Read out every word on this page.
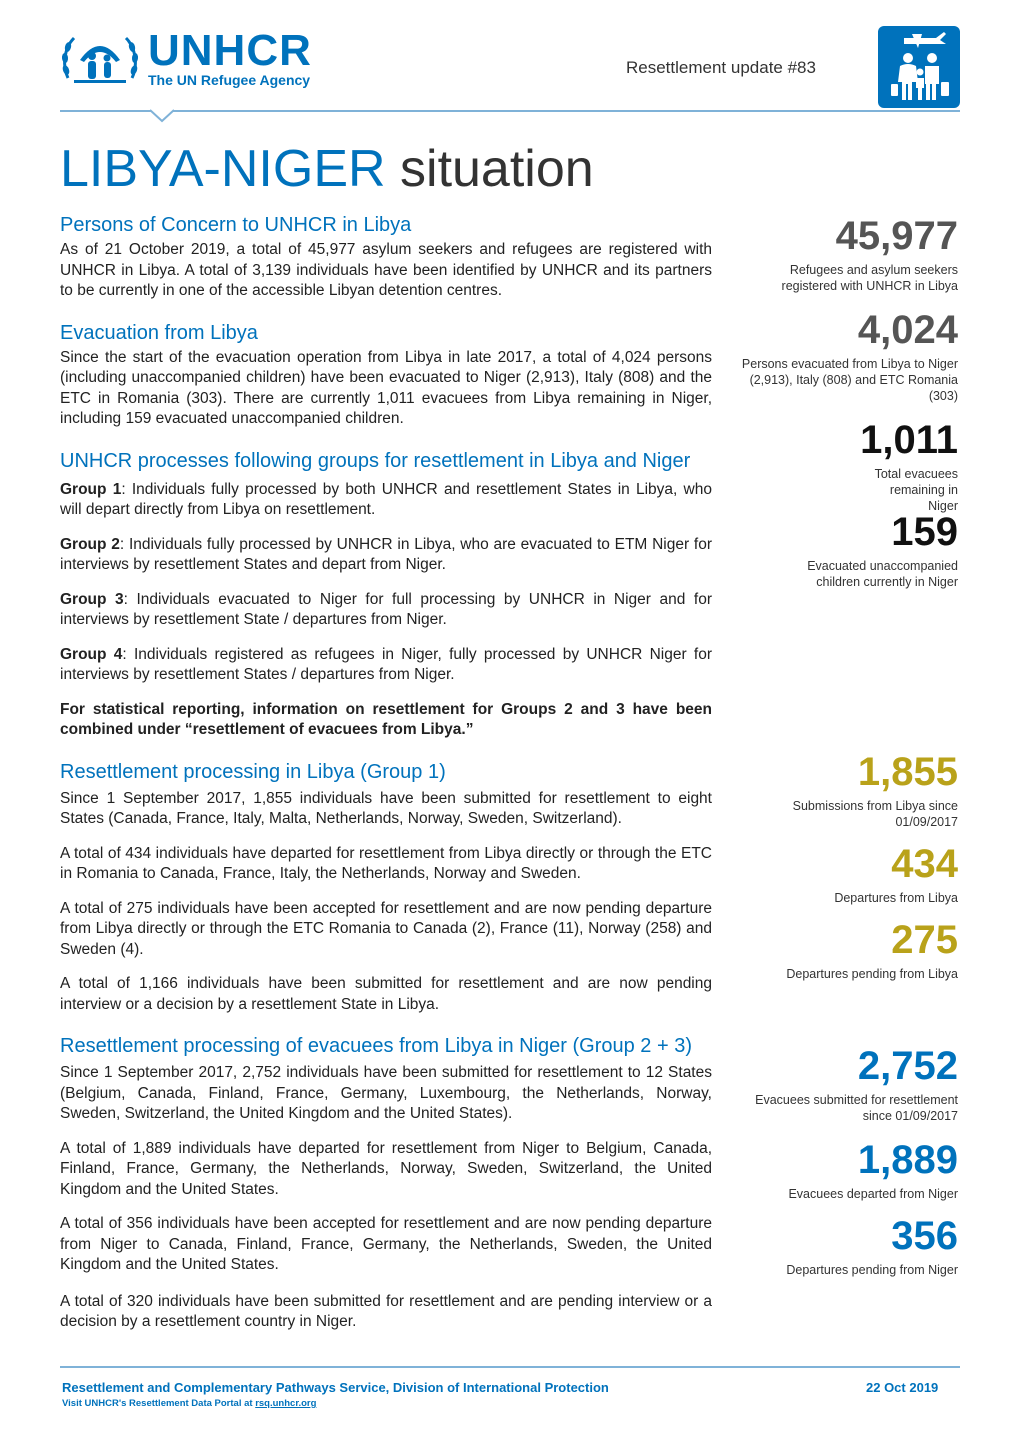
UNHCR
The UN Refugee Agency
Resettlement update #83
LIBYA-NIGER situation
Persons of Concern to UNHCR in Libya

As of 21 October 2019, a total of 45,977 asylum seekers and refugees are registered with UNHCR in Libya. A total of 3,139 individuals have been identified by UNHCR and its partners to be currently in one of the accessible Libyan detention centres.

Evacuation from Libya

Since the start of the evacuation operation from Libya in late 2017, a total of 4,024 persons (including unaccompanied children) have been evacuated to Niger (2,913), Italy (808) and the ETC in Romania (303). There are currently 1,011 evacuees from Libya remaining in Niger, including 159 evacuated unaccompanied children.

UNHCR processes following groups for resettlement in Libya and Niger

Group 1: Individuals fully processed by both UNHCR and resettlement States in Libya, who will depart directly from Libya on resettlement.

Group 2: Individuals fully processed by UNHCR in Libya, who are evacuated to ETM Niger for interviews by resettlement States and depart from Niger.

Group 3: Individuals evacuated to Niger for full processing by UNHCR in Niger and for interviews by resettlement State / departures from Niger.

Group 4: Individuals registered as refugees in Niger, fully processed by UNHCR Niger for interviews by resettlement States / departures from Niger.

For statistical reporting, information on resettlement for Groups 2 and 3 have been combined under “resettlement of evacuees from Libya.”

Resettlement processing in Libya (Group 1)

Since 1 September 2017, 1,855 individuals have been submitted for resettlement to eight States (Canada, France, Italy, Malta, Netherlands, Norway, Sweden, Switzerland).

A total of 434 individuals have departed for resettlement from Libya directly or through the ETC in Romania to Canada, France, Italy, the Netherlands, Norway and Sweden.

A total of 275 individuals have been accepted for resettlement and are now pending departure from Libya directly or through the ETC Romania to Canada (2), France (11), Norway (258) and Sweden (4).

A total of 1,166 individuals have been submitted for resettlement and are now pending interview or a decision by a resettlement State in Libya.

Resettlement processing of evacuees from Libya in Niger (Group 2 + 3)

Since 1 September 2017, 2,752 individuals have been submitted for resettlement to 12 States (Belgium, Canada, Finland, France, Germany, Luxembourg, the Netherlands, Norway, Sweden, Switzerland, the United Kingdom and the United States).

A total of 1,889 individuals have departed for resettlement from Niger to Belgium, Canada, Finland, France, Germany, the Netherlands, Norway, Sweden, Switzerland, the United Kingdom and the United States.

A total of 356 individuals have been accepted for resettlement and are now pending departure from Niger to Canada, Finland, France, Germany, the Netherlands, Sweden, the United Kingdom and the United States.

A total of 320 individuals have been submitted for resettlement and are pending interview or a decision by a resettlement country in Niger.

45,977
Refugees and asylum seekers registered with UNHCR in Libya
4,024
Persons evacuated from Libya to Niger (2,913), Italy (808) and ETC Romania (303)
1,011
Total evacuees remaining in Niger
159
Evacuated unaccompanied children currently in Niger
1,855
Submissions from Libya since 01/09/2017
434
Departures from Libya
275
Departures pending from Libya
2,752
Evacuees submitted for resettlement since 01/09/2017
1,889
Evacuees departed from Niger
356
Departures pending from Niger
Resettlement and Complementary Pathways Service, Division of International Protection
Visit UNHCR's Resettlement Data Portal at rsq.unhcr.org
22 Oct 2019
